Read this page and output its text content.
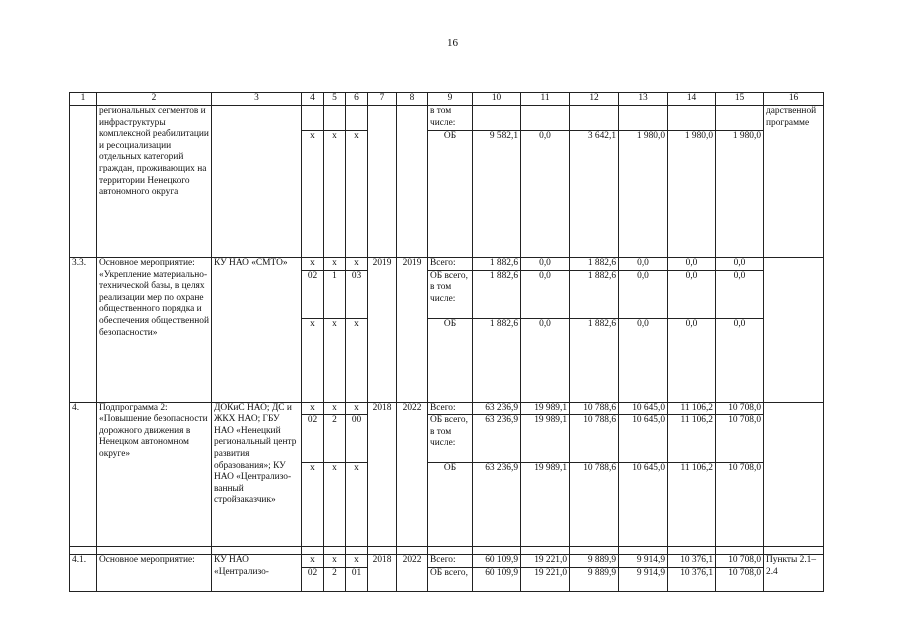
16
1	2	3	4	5	6	7	8	9	10	11	12	13	14	15	16
	региональных сегментов и инфраструктуры комплексной реабилитации и ресоциализации отдельных категорий граждан, проживающих на территории Ненецкого автономного округа							в том числе:							дарственной программе
			х	х	х			ОБ	9 582,1	0,0	3 642,1	1 980,0	1 980,0	1 980,0	
3.3.	Основное мероприятие: «Укрепление материально- технической базы, в целях реализации мер по охране общественного порядка и обеспечения общественной безопасности»	КУ НАО «СМТО»	х	х	х	2019	2019	Всего:	1 882,6	0,0	1 882,6	0,0	0,0	0,0	
			02	1	03			ОБ всего, в том числе:	1 882,6	0,0	1 882,6	0,0	0,0	0,0	
			х	х	х			ОБ	1 882,6	0,0	1 882,6	0,0	0,0	0,0	
4.	Подпрограмма 2: «Повышение безопасности дорожного движения в Ненецком автономном округе»	ДОКиС НАО; ДС и ЖКХ НАО; ГБУ НАО «Ненецкий региональный центр развития образования»; КУ НАО «Централизо- ванный стройзаказчик»	х	х	х	2018	2022	Всего:	63 236,9	19 989,1	10 788,6	10 645,0	11 106,2	10 708,0	
			02	2	00			ОБ всего, в том числе:	63 236,9	19 989,1	10 788,6	10 645,0	11 106,2	10 708,0	
			х	х	х			ОБ	63 236,9	19 989,1	10 788,6	10 645,0	11 106,2	10 708,0	

4.1.	Основное мероприятие:	КУ НАО «Централизо-	х	х	х	2018	2022	Всего:	60 109,9	19 221,0	9 889,9	9 914,9	10 376,1	10 708,0	Пункты 2.1–2.4
			02	2	01			ОБ всего,	60 109,9	19 221,0	9 889,9	9 914,9	10 376,1	10 708,0	
